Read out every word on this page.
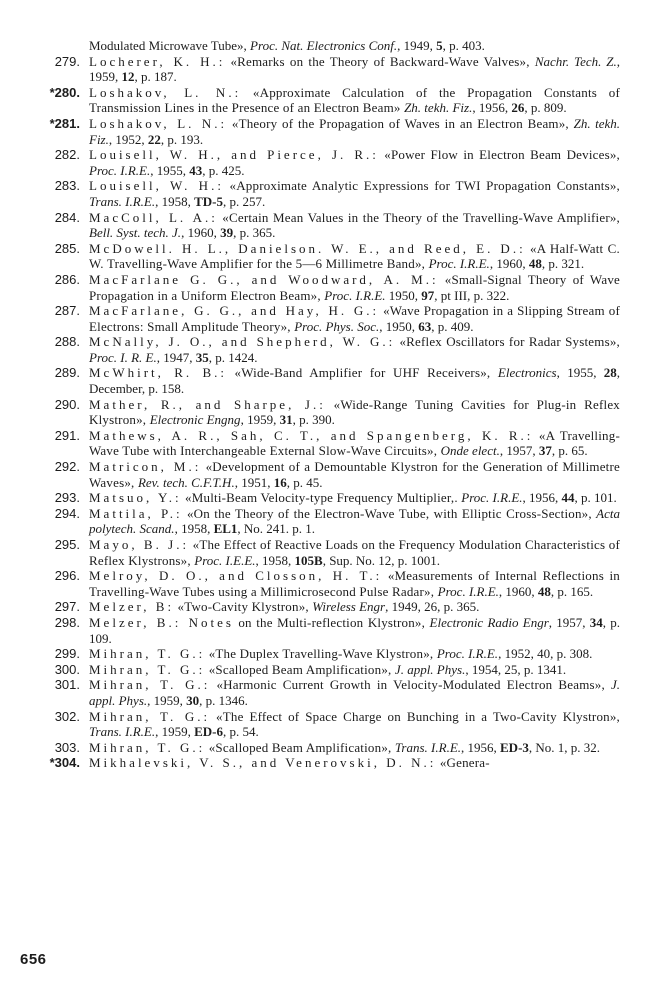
Modulated Microwave Tube», Proc. Nat. Electronics Conf., 1949, 5, p. 403.
279. Locherer, K. H.: «Remarks on the Theory of Backward-Wave Valves», Nachr. Tech. Z., 1959, 12, p. 187.
*280. Loshakov, L. N.: «Approximate Calculation of the Propagation Constants of Transmission Lines in the Presence of an Electron Beam» Zh. tekh. Fiz., 1956, 26, p. 809.
*281. Loshakov, L. N.: «Theory of the Propagation of Waves in an Electron Beam», Zh. tekh. Fiz., 1952, 22, p. 193.
282. Louisell, W. H., and Pierce, J. R.: «Power Flow in Electron Beam Devices», Proc. I.R.E., 1955, 43, p. 425.
283. Louisell, W. H.: «Approximate Analytic Expressions for TWI Propagation Constants», Trans. I.R.E., 1958, TD-5, p. 257.
284. MacColl, L. A.: «Certain Mean Values in the Theory of the Travelling-Wave Amplifier», Bell. Syst. tech. J., 1960, 39, p. 365.
285. McDowell. H. L., Danielson. W. E., and Reed, E. D.: «A Half-Watt C. W. Travelling-Wave Amplifier for the 5—6 Millimetre Band», Proc. I.R.E., 1960, 48, p. 321.
286. MacFarlane G. G., and Woodward, A. M.: «Small-Signal Theory of Wave Propagation in a Uniform Electron Beam», Proc. I.R.E. 1950, 97, pt III, p. 322.
287. MacFarlane, G. G., and Hay, H. G.: «Wave Propagation in a Slipping Stream of Electrons: Small Amplitude Theory», Proc. Phys. Soc., 1950, 63, p. 409.
288. McNally, J. O., and Shepherd, W. G.: «Reflex Oscillators for Radar Systems», Proc. I. R. E., 1947, 35, p. 1424.
289. McWhirt, R. B.: «Wide-Band Amplifier for UHF Receivers», Electronics, 1955, 28, December, p. 158.
290. Mather, R., and Sharpe, J.: «Wide-Range Tuning Cavities for Plug-in Reflex Klystron», Electronic Engng, 1959, 31, p. 390.
291. Mathews, A. R., Sah, C. T., and Spangenberg, K. R.: «A Travelling-Wave Tube with Interchangeable External Slow-Wave Circuits», Onde elect., 1957, 37, p. 65.
292. Matricon, M.: «Development of a Demountable Klystron for the Generation of Millimetre Waves», Rev. tech. C.F.T.H., 1951, 16, p. 45.
293. Matsuo, Y.: «Multi-Beam Velocity-type Frequency Multiplier,. Proc. I.R.E., 1956, 44, p. 101.
294. Mattila, P.: «On the Theory of the Electron-Wave Tube, with Elliptic Cross-Section», Acta polytech. Scand., 1958, EL1, No. 241. p. 1.
295. Mayo, B. J.: «The Effect of Reactive Loads on the Frequency Modulation Characteristics of Reflex Klystrons», Proc. I.E.E., 1958, 105B, Sup. No. 12, p. 1001.
296. Melroy, D. O., and Closson, H. T.: «Measurements of Internal Reflections in Travelling-Wave Tubes using a Millimicrosecond Pulse Radar», Proc. I.R.E., 1960, 48, p. 165.
297. Melzer, B: «Two-Cavity Klystron», Wireless Engr, 1949, 26, p. 365.
298. Melzer, B.: Notes on the Multi-reflection Klystron», Electronic Radio Engr, 1957, 34, p. 109.
299. Mihran, T. G.: «The Duplex Travelling-Wave Klystron», Proc. I.R.E., 1952, 40, p. 308.
300. Mihran, T. G.: «Scalloped Beam Amplification», J. appl. Phys., 1954, 25, p. 1341.
301. Mihran, T. G.: «Harmonic Current Growth in Velocity-Modulated Electron Beams», J. appl. Phys., 1959, 30, p. 1346.
302. Mihran, T. G.: «The Effect of Space Charge on Bunching in a Two-Cavity Klystron», Trans. I.R.E., 1959, ED-6, p. 54.
303. Mihran, T. G.: «Scalloped Beam Amplification», Trans. I.R.E., 1956, ED-3, No. 1, p. 32.
*304. Mikhalevski, V. S., and Venerovski, D. N.: «Genera-
656
